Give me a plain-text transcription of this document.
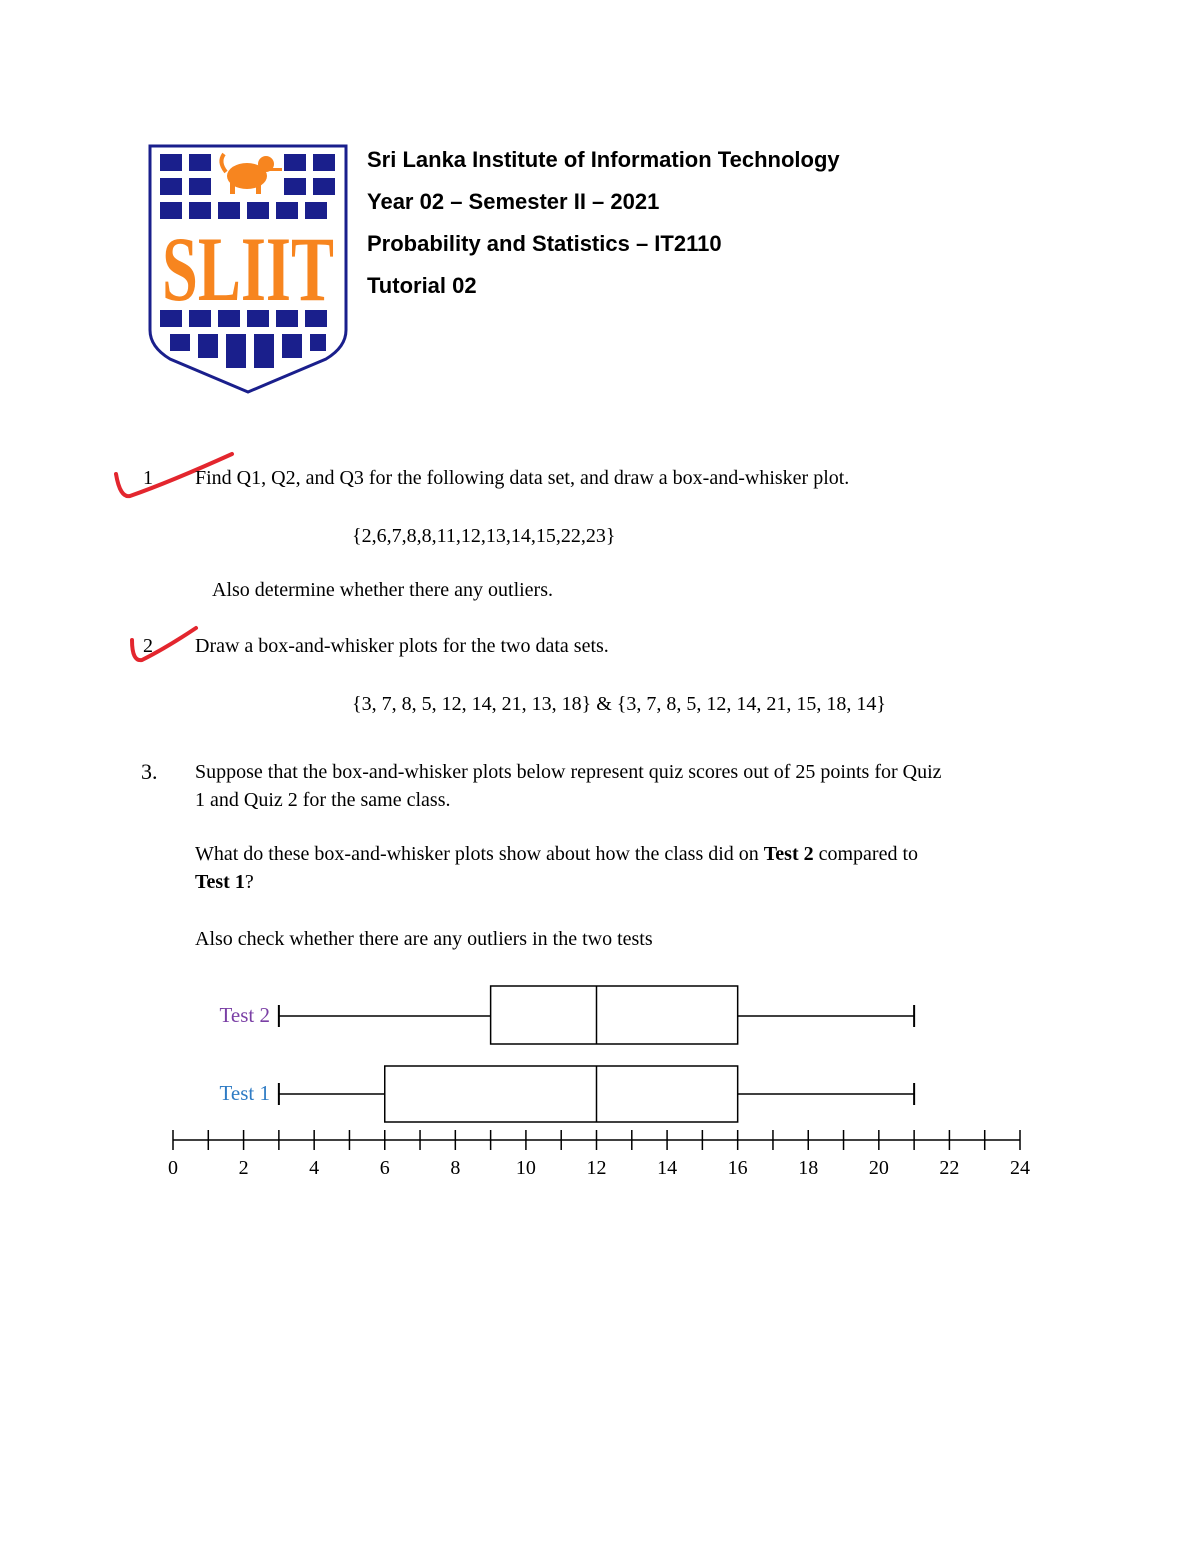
SLIIT
Sri Lanka Institute of Information Technology
Year 02 – Semester II – 2021
Probability and Statistics – IT2110
Tutorial 02
1 Find Q1, Q2, and Q3 for the following data set, and draw a box-and-whisker plot.
{2,6,7,8,8,11,12,13,14,15,22,23}
Also determine whether there any outliers.
2 Draw a box-and-whisker plots for the two data sets.
{3, 7, 8, 5, 12, 14, 21, 13, 18} & {3, 7, 8, 5, 12, 14, 21, 15, 18, 14}
3. Suppose that the box-and-whisker plots below represent quiz scores out of 25 points for Quiz
1 and Quiz 2 for the same class.
What do these box-and-whisker plots show about how the class did on Test 2 compared to
Test 1?
Also check whether there are any outliers in the two tests
Test 2
Test 1
0	2	4	6	8	10	12	14	16	18	20	22	24
